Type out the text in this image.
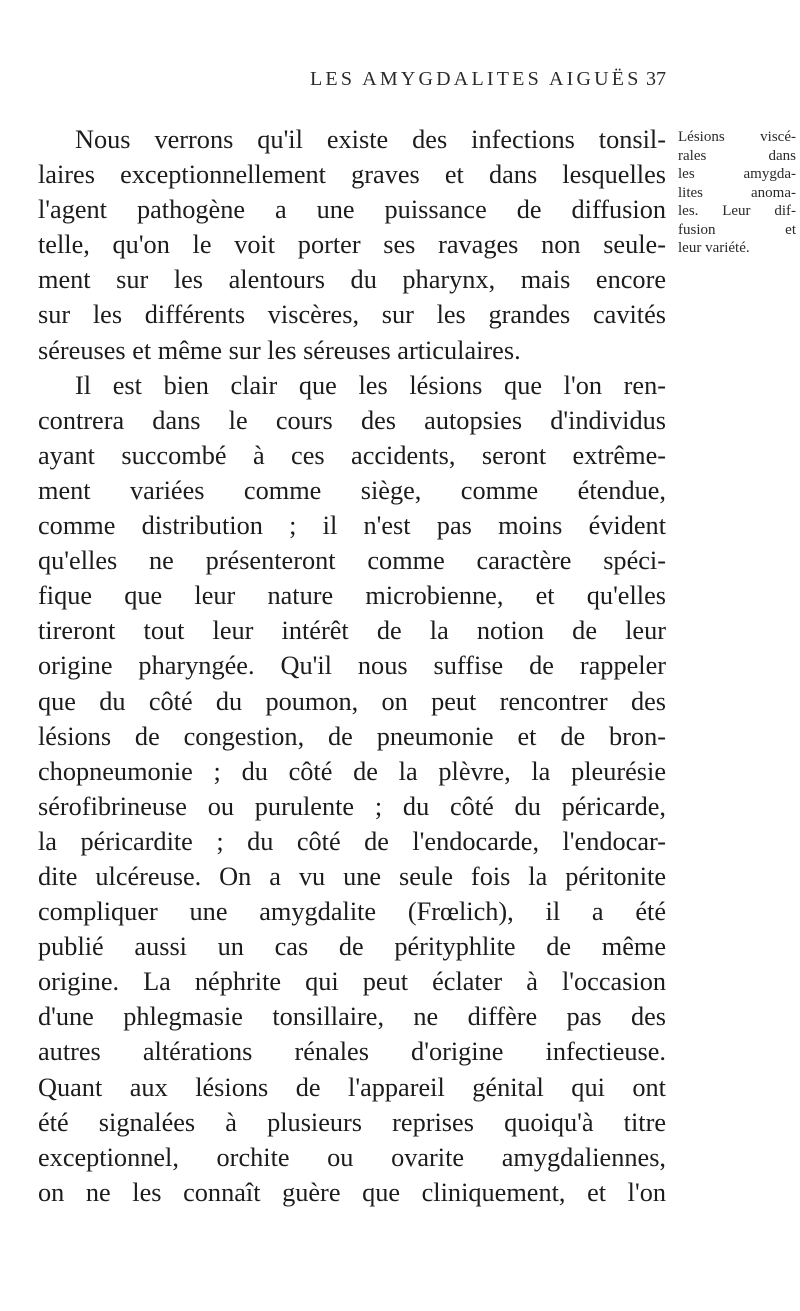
LES AMYGDALITES AIGUËS 37
Nous verrons qu'il existe des infections tonsil-
laires exceptionnellement graves et dans lesquelles
l'agent pathogène a une puissance de diffusion
telle, qu'on le voit porter ses ravages non seule-
ment sur les alentours du pharynx, mais encore
sur les différents viscères, sur les grandes cavités
séreuses et même sur les séreuses articulaires.
Il est bien clair que les lésions que l'on ren-
contrera dans le cours des autopsies d'individus
ayant succombé à ces accidents, seront extrême-
ment variées comme siège, comme étendue,
comme distribution ; il n'est pas moins évident
qu'elles ne présenteront comme caractère spéci-
fique que leur nature microbienne, et qu'elles
tireront tout leur intérêt de la notion de leur
origine pharyngée. Qu'il nous suffise de rappeler
que du côté du poumon, on peut rencontrer des
lésions de congestion, de pneumonie et de bron-
chopneumonie ; du côté de la plèvre, la pleurésie
sérofibrineuse ou purulente ; du côté du péricarde,
la péricardite ; du côté de l'endocarde, l'endocar-
dite ulcéreuse. On a vu une seule fois la péritonite
compliquer une amygdalite (Frœlich), il a été
publié aussi un cas de pérityphlite de même
origine. La néphrite qui peut éclater à l'occasion
d'une phlegmasie tonsillaire, ne diffère pas des
autres altérations rénales d'origine infectieuse.
Quant aux lésions de l'appareil génital qui ont
été signalées à plusieurs reprises quoiqu'à titre
exceptionnel, orchite ou ovarite amygdaliennes,
on ne les connaît guère que cliniquement, et l'on
Lésions viscé-
rales dans
les amygda-
lites anoma-
les. Leur dif-
fusion et
leur variété.
